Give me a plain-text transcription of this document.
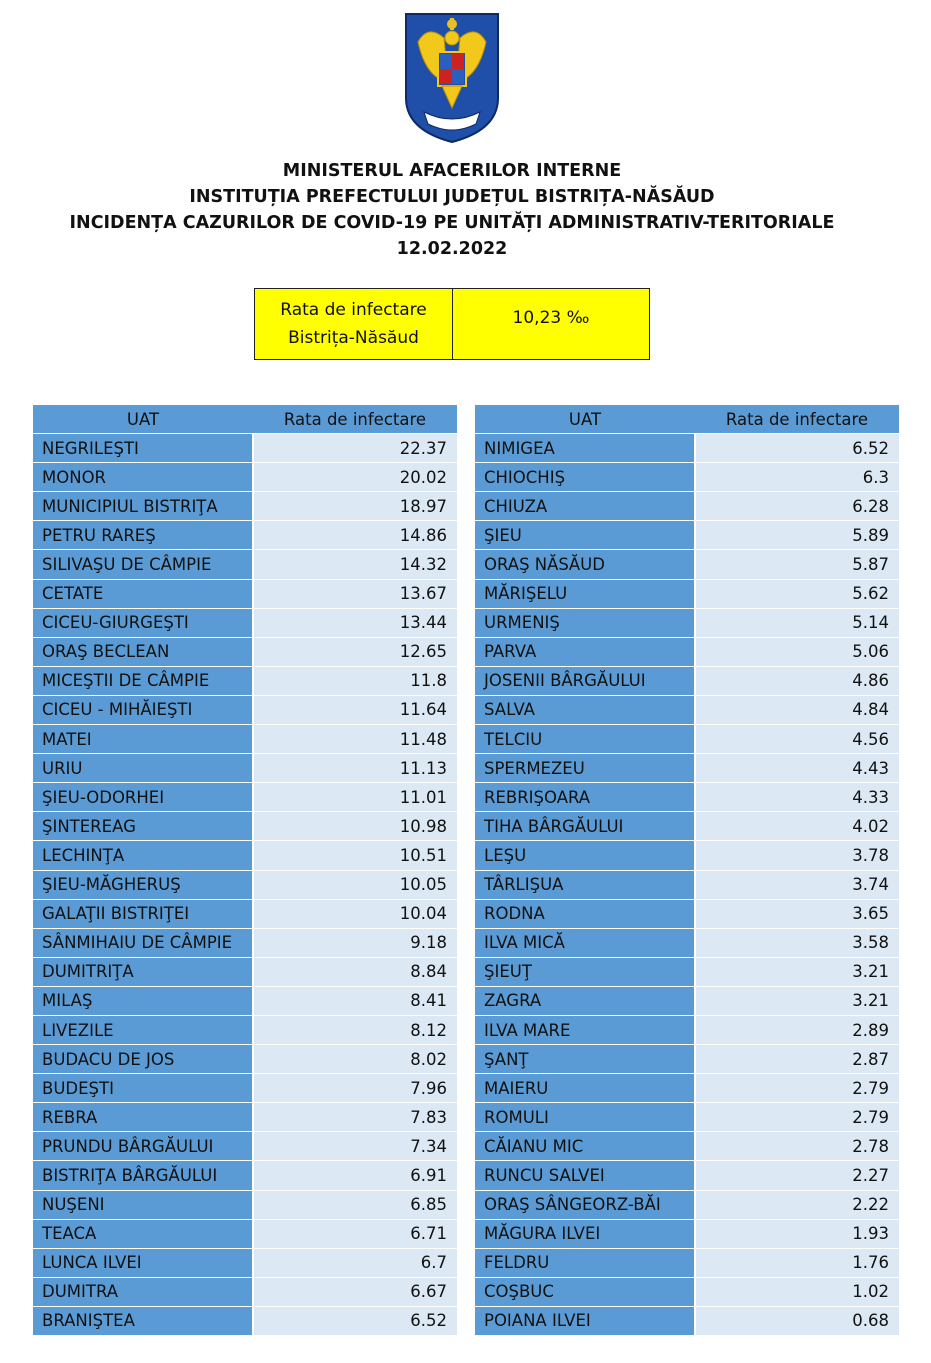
MINISTERUL AFACERILOR INTERNE
INSTITUȚIA PREFECTULUI JUDEȚUL BISTRIȚA-NĂSĂUD
INCIDENȚA CAZURILOR DE COVID-19 PE UNITĂȚI ADMINISTRATIV-TERITORIALE
12.02.2022
Rata de infectare
Bistrița-Năsăud
10,23 ‰
UAT	Rata de infectare
NEGRILEŞTI	22.37
MONOR	20.02
MUNICIPIUL BISTRIŢA	18.97
PETRU RAREŞ	14.86
SILIVAŞU DE CÂMPIE	14.32
CETATE	13.67
CICEU-GIURGEŞTI	13.44
ORAŞ BECLEAN	12.65
MICEŞTII DE CÂMPIE	11.8
CICEU - MIHĂIEŞTI	11.64
MATEI	11.48
URIU	11.13
ŞIEU-ODORHEI	11.01
ŞINTEREAG	10.98
LECHINŢA	10.51
ŞIEU-MĂGHERUŞ	10.05
GALAŢII BISTRIŢEI	10.04
SÂNMIHAIU DE CÂMPIE	9.18
DUMITRIŢA	8.84
MILAŞ	8.41
LIVEZILE	8.12
BUDACU DE JOS	8.02
BUDEŞTI	7.96
REBRA	7.83
PRUNDU BÂRGĂULUI	7.34
BISTRIŢA BÂRGĂULUI	6.91
NUŞENI	6.85
TEACA	6.71
LUNCA ILVEI	6.7
DUMITRA	6.67
BRANIŞTEA	6.52
UAT	Rata de infectare
NIMIGEA	6.52
CHIOCHIŞ	6.3
CHIUZA	6.28
ŞIEU	5.89
ORAŞ NĂSĂUD	5.87
MĂRIŞELU	5.62
URMENIŞ	5.14
PARVA	5.06
JOSENII BÂRGĂULUI	4.86
SALVA	4.84
TELCIU	4.56
SPERMEZEU	4.43
REBRIŞOARA	4.33
TIHA BÂRGĂULUI	4.02
LEŞU	3.78
TÂRLIŞUA	3.74
RODNA	3.65
ILVA MICĂ	3.58
ŞIEUŢ	3.21
ZAGRA	3.21
ILVA MARE	2.89
ŞANŢ	2.87
MAIERU	2.79
ROMULI	2.79
CĂIANU MIC	2.78
RUNCU SALVEI	2.27
ORAŞ SÂNGEORZ-BĂI	2.22
MĂGURA ILVEI	1.93
FELDRU	1.76
COŞBUC	1.02
POIANA ILVEI	0.68
